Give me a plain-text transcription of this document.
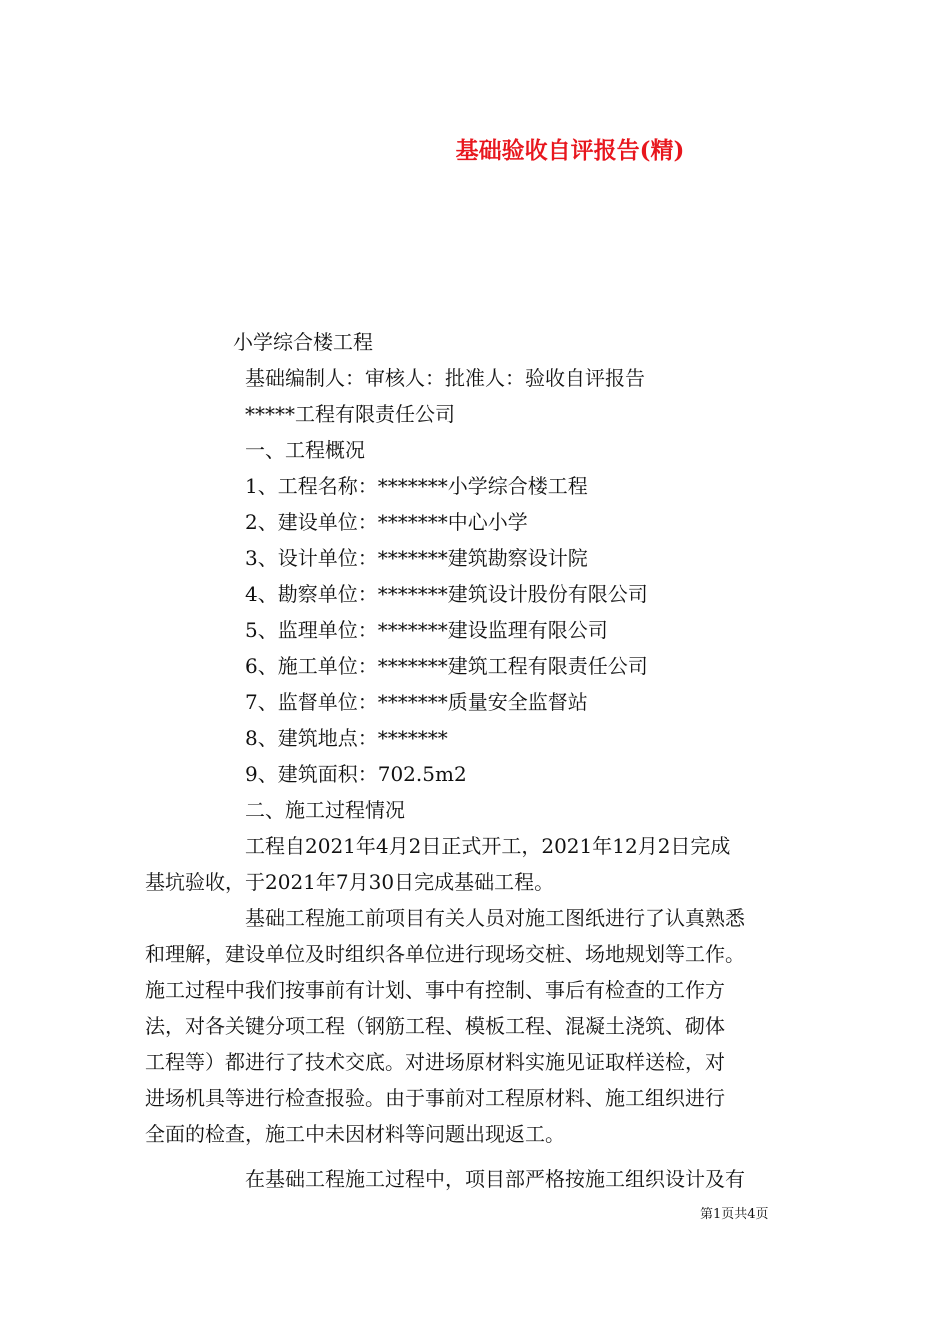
基础验收自评报告(精)
小学综合楼工程
基础编制人：审核人：批准人：验收自评报告
*****工程有限责任公司
一、工程概况
1、工程名称：*******小学综合楼工程
2、建设单位：*******中心小学
3、设计单位：*******建筑勘察设计院
4、勘察单位：*******建筑设计股份有限公司
5、监理单位：*******建设监理有限公司
6、施工单位：*******建筑工程有限责任公司
7、监督单位：*******质量安全监督站
8、建筑地点：*******
9、建筑面积：702.5m2
二、施工过程情况
工程自2021年4月2日正式开工，2021年12月2日完成
基坑验收，于2021年7月30日完成基础工程。
基础工程施工前项目有关人员对施工图纸进行了认真熟悉
和理解，建设单位及时组织各单位进行现场交桩、场地规划等工作。
施工过程中我们按事前有计划、事中有控制、事后有检查的工作方
法，对各关键分项工程（钢筋工程、模板工程、混凝土浇筑、砌体
工程等）都进行了技术交底。对进场原材料实施见证取样送检，对
进场机具等进行检查报验。由于事前对工程原材料、施工组织进行
全面的检查，施工中未因材料等问题出现返工。
在基础工程施工过程中，项目部严格按施工组织设计及有
第1页共4页
